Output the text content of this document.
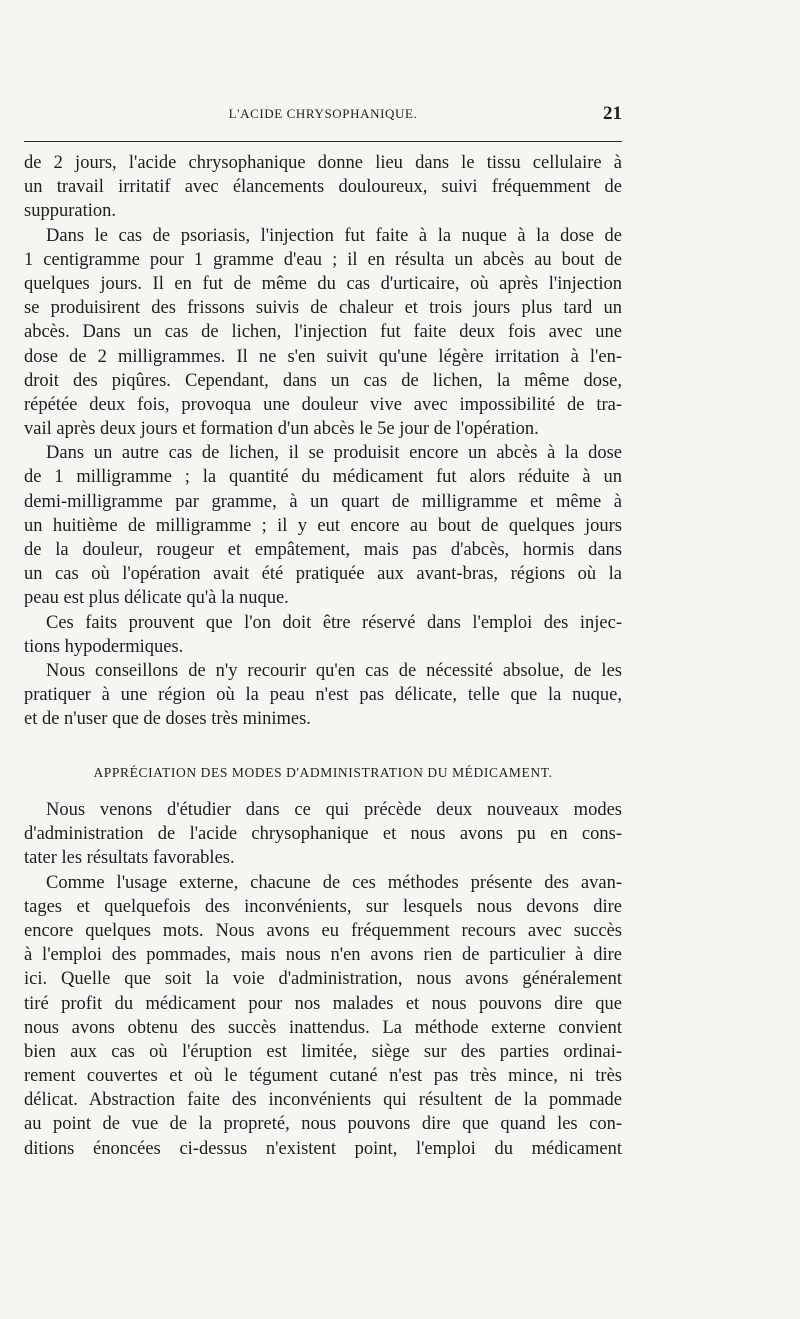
L'ACIDE CHRYSOPHANIQUE.	21
de 2 jours, l'acide chrysophanique donne lieu dans le tissu cellulaire à
un travail irritatif avec élancements douloureux, suivi fréquemment de
suppuration.
Dans le cas de psoriasis, l'injection fut faite à la nuque à la dose de
1 centigramme pour 1 gramme d'eau ; il en résulta un abcès au bout de
quelques jours. Il en fut de même du cas d'urticaire, où après l'injection
se produisirent des frissons suivis de chaleur et trois jours plus tard un
abcès. Dans un cas de lichen, l'injection fut faite deux fois avec une
dose de 2 milligrammes. Il ne s'en suivit qu'une légère irritation à l'en-
droit des piqûres. Cependant, dans un cas de lichen, la même dose,
répétée deux fois, provoqua une douleur vive avec impossibilité de tra-
vail après deux jours et formation d'un abcès le 5e jour de l'opération.
Dans un autre cas de lichen, il se produisit encore un abcès à la dose
de 1 milligramme ; la quantité du médicament fut alors réduite à un
demi-milligramme par gramme, à un quart de milligramme et même à
un huitième de milligramme ; il y eut encore au bout de quelques jours
de la douleur, rougeur et empâtement, mais pas d'abcès, hormis dans
un cas où l'opération avait été pratiquée aux avant-bras, régions où la
peau est plus délicate qu'à la nuque.
Ces faits prouvent que l'on doit être réservé dans l'emploi des injec-
tions hypodermiques.
Nous conseillons de n'y recourir qu'en cas de nécessité absolue, de les
pratiquer à une région où la peau n'est pas délicate, telle que la nuque,
et de n'user que de doses très minimes.
APPRÉCIATION DES MODES D'ADMINISTRATION DU MÉDICAMENT.
Nous venons d'étudier dans ce qui précède deux nouveaux modes
d'administration de l'acide chrysophanique et nous avons pu en cons-
tater les résultats favorables.
Comme l'usage externe, chacune de ces méthodes présente des avan-
tages et quelquefois des inconvénients, sur lesquels nous devons dire
encore quelques mots. Nous avons eu fréquemment recours avec succès
à l'emploi des pommades, mais nous n'en avons rien de particulier à dire
ici. Quelle que soit la voie d'administration, nous avons généralement
tiré profit du médicament pour nos malades et nous pouvons dire que
nous avons obtenu des succès inattendus. La méthode externe convient
bien aux cas où l'éruption est limitée, siège sur des parties ordinai-
rement couvertes et où le tégument cutané n'est pas très mince, ni très
délicat. Abstraction faite des inconvénients qui résultent de la pommade
au point de vue de la propreté, nous pouvons dire que quand les con-
ditions énoncées ci-dessus n'existent point, l'emploi du médicament
